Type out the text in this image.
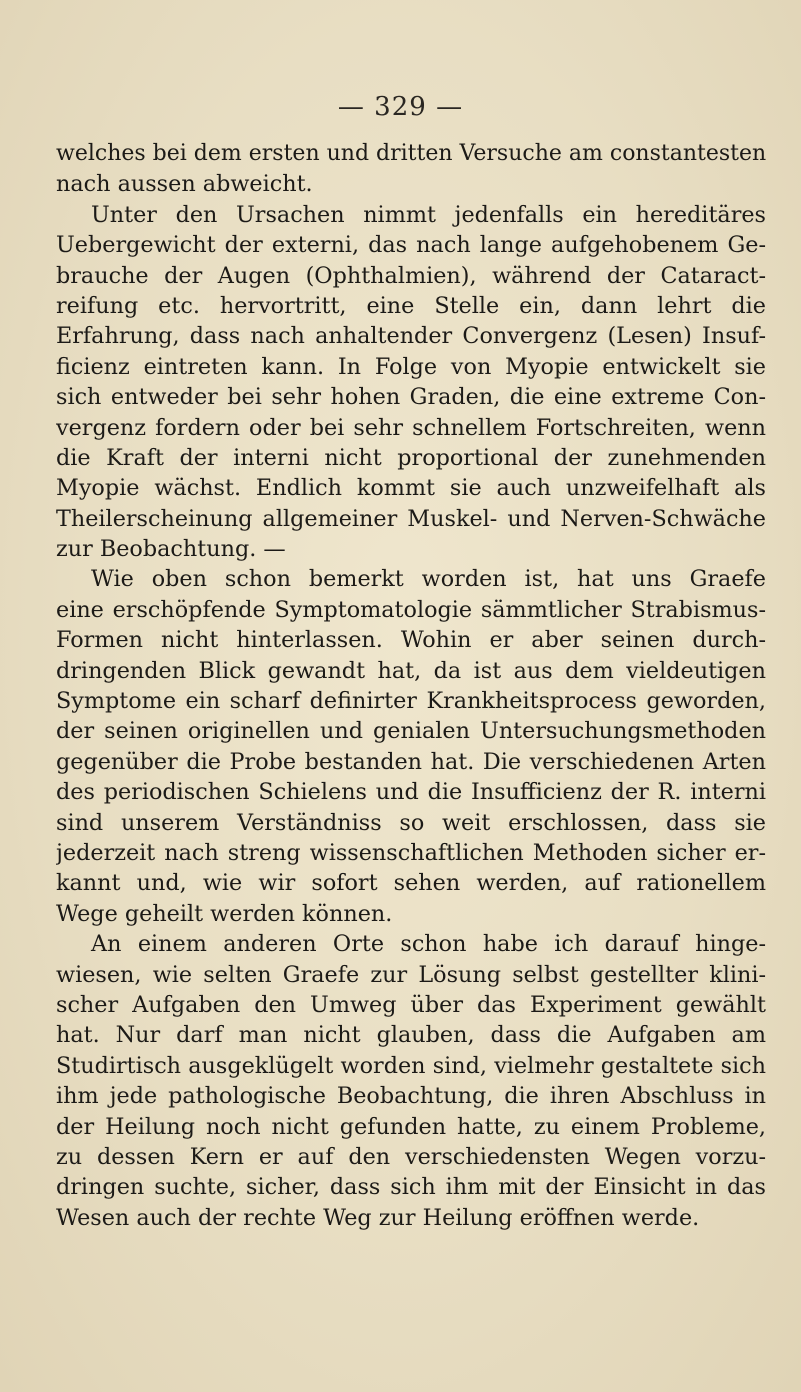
— 329 —
welches bei dem ersten und dritten Versuche am constantesten
nach aussen abweicht.
Unter den Ursachen nimmt jedenfalls ein hereditäres
Uebergewicht der externi, das nach lange aufgehobenem Ge-
brauche der Augen (Ophthalmien), während der Cataract-
reifung etc. hervortritt, eine Stelle ein, dann lehrt die
Erfahrung, dass nach anhaltender Convergenz (Lesen) Insuf-
ficienz eintreten kann. In Folge von Myopie entwickelt sie
sich entweder bei sehr hohen Graden, die eine extreme Con-
vergenz fordern oder bei sehr schnellem Fortschreiten, wenn
die Kraft der interni nicht proportional der zunehmenden
Myopie wächst. Endlich kommt sie auch unzweifelhaft als
Theilerscheinung allgemeiner Muskel- und Nerven-Schwäche
zur Beobachtung. —
Wie oben schon bemerkt worden ist, hat uns Graefe
eine erschöpfende Symptomatologie sämmtlicher Strabismus-
Formen nicht hinterlassen. Wohin er aber seinen durch-
dringenden Blick gewandt hat, da ist aus dem vieldeutigen
Symptome ein scharf definirter Krankheitsprocess geworden,
der seinen originellen und genialen Untersuchungsmethoden
gegenüber die Probe bestanden hat. Die verschiedenen Arten
des periodischen Schielens und die Insufficienz der R. interni
sind unserem Verständniss so weit erschlossen, dass sie
jederzeit nach streng wissenschaftlichen Methoden sicher er-
kannt und, wie wir sofort sehen werden, auf rationellem
Wege geheilt werden können.
An einem anderen Orte schon habe ich darauf hinge-
wiesen, wie selten Graefe zur Lösung selbst gestellter klini-
scher Aufgaben den Umweg über das Experiment gewählt
hat. Nur darf man nicht glauben, dass die Aufgaben am
Studirtisch ausgeklügelt worden sind, vielmehr gestaltete sich
ihm jede pathologische Beobachtung, die ihren Abschluss in
der Heilung noch nicht gefunden hatte, zu einem Probleme,
zu dessen Kern er auf den verschiedensten Wegen vorzu-
dringen suchte, sicher, dass sich ihm mit der Einsicht in das
Wesen auch der rechte Weg zur Heilung eröffnen werde.
